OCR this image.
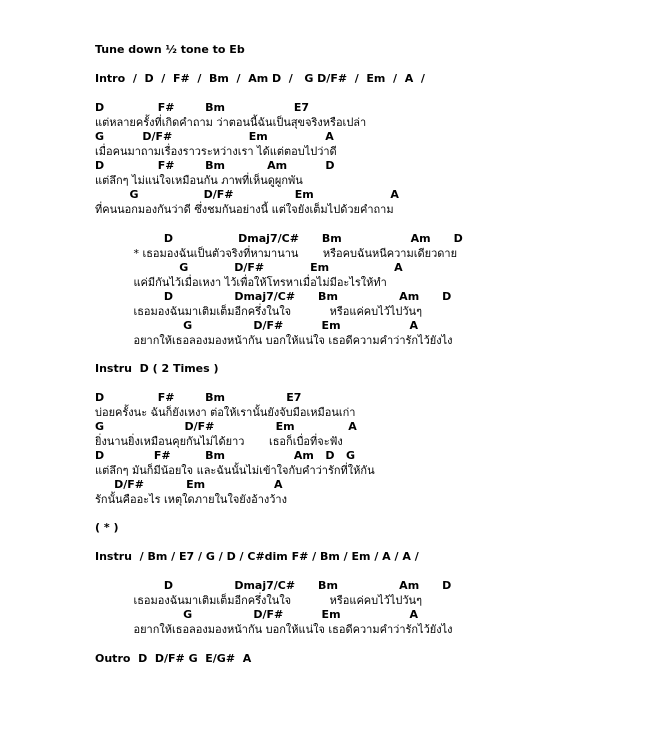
Tune down ½ tone to Eb
Intro  /  D  /  F#  /  Bm  /  Am D  /   G D/F#  /  Em  /  A  /
D              F#        Bm                  E7
แต่หลายครั้งที่เกิดคำถาม ว่าตอนนี้ฉันเป็นสุขจริงหรือเปล่า
G          D/F#                    Em               A
เมื่อคนมาถามเรื่องราวระหว่างเรา ได้แต่ตอบไปว่าดี
D              F#        Bm           Am          D
แต่ลึกๆ ไม่แน่ใจเหมือนกัน ภาพที่เห็นดูผูกพัน
G                 D/F#                Em                    A
ที่คนนอกมองกันว่าดี ซึ่งชมกันอย่างนี้ แต่ใจยังเต็มไปด้วยคำถาม
D                 Dmaj7/C#      Bm                  Am      D
* เธอมองฉันเป็นตัวจริงที่หามานาน       หรือคบฉันหนีความเดียวดาย
G            D/F#            Em                 A
แค่มีกันไว้เมื่อเหงา ไว้เพื่อให้โทรหาเมื่อไม่มีอะไรให้ทำ
D                Dmaj7/C#      Bm                Am      D
เธอมองฉันมาเติมเต็มอีกครึ่งในใจ           หรือแค่คบไว้ไปวันๆ
G                D/F#          Em                  A
อยากให้เธอลองมองหน้ากัน บอกให้แน่ใจ เธอดีความคำว่ารักไว้ยังไง
Instru  D ( 2 Times )
D              F#        Bm                E7
บ่อยครั้งนะ ฉันก็ยังเหงา ต่อให้เรานั้นยังจับมือเหมือนเก่า
G                     D/F#                Em              A
ยิ่งนานยิ่งเหมือนคุยกันไม่ได้ยาว       เธอก็เบื่อที่จะฟัง
D             F#         Bm                  Am   D   G
แต่ลึกๆ มันก็มีน้อยใจ และฉันนั้นไม่เข้าใจกับคำว่ารักที่ให้กัน
D/F#           Em                  A
รักนั้นคืออะไร เหตุใดภายในใจยังอ้างว้าง
( * )
Instru  / Bm / E7 / G / D / C#dim F# / Bm / Em / A / A /
D                Dmaj7/C#      Bm                Am      D
เธอมองฉันมาเติมเต็มอีกครึ่งในใจ           หรือแค่คบไว้ไปวันๆ
G                D/F#          Em                  A
อยากให้เธอลองมองหน้ากัน บอกให้แน่ใจ เธอดีความคำว่ารักไว้ยังไง
Outro  D  D/F# G  E/G#  A
